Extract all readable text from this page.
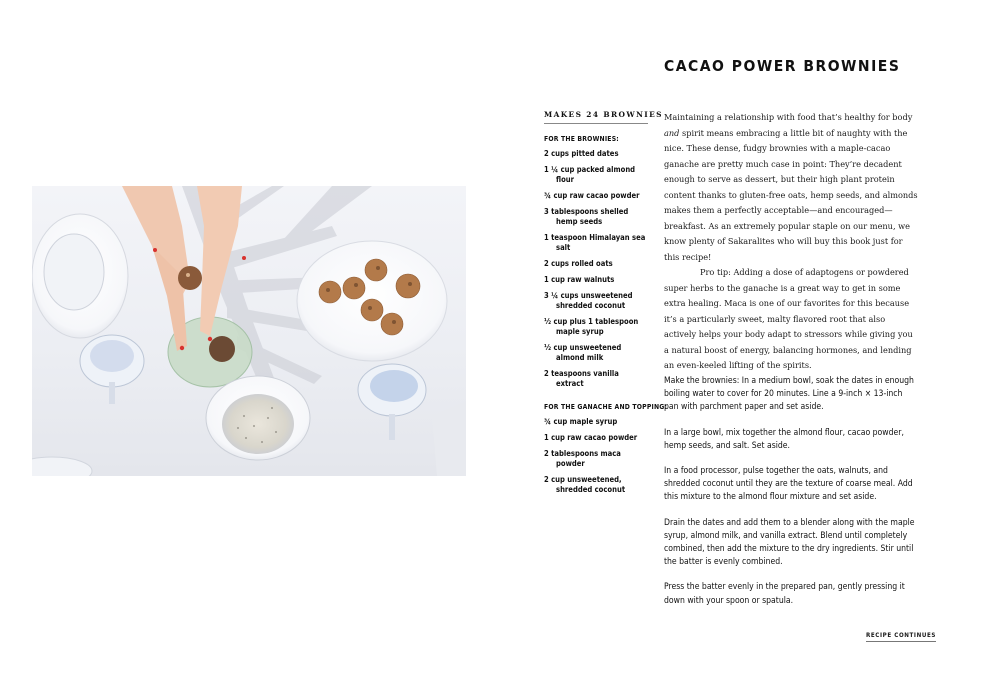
CACAO POWER BROWNIES
MAKES 24 BROWNIES
FOR THE BROWNIES:
2 cups pitted dates
1 ¼ cup packed almond flour
¾ cup raw cacao powder
3 tablespoons shelled hemp seeds
1 teaspoon Himalayan sea salt
2 cups rolled oats
1 cup raw walnuts
3 ¼ cups unsweetened shredded coconut
½ cup plus 1 tablespoon maple syrup
½ cup unsweetened almond milk
2 teaspoons vanilla extract
FOR THE GANACHE AND TOPPING:
¾ cup maple syrup
1 cup raw cacao powder
2 tablespoons maca powder
2 cup unsweetened, shredded coconut

Maintaining a relationship with food that’s healthy for body and spirit means embracing a little bit of naughty with the nice. These dense, fudgy brownies with a maple-cacao ganache are pretty much case in point: They’re decadent enough to serve as dessert, but their high plant protein content thanks to gluten-free oats, hemp seeds, and almonds makes them a perfectly acceptable—and encouraged—breakfast. As an extremely popular staple on our menu, we know plenty of Sakaralites who will buy this book just for this recipe!

Pro tip: Adding a dose of adaptogens or powdered super herbs to the ganache is a great way to get in some extra healing. Maca is one of our favorites for this because it’s a particularly sweet, malty flavored root that also actively helps your body adapt to stressors while giving you a natural boost of energy, balancing hormones, and lending an even-keeled lifting of the spirits.

Make the brownies: In a medium bowl, soak the dates in enough boiling water to cover for 20 minutes. Line a 9-inch × 13-inch pan with parchment paper and set aside.

In a large bowl, mix together the almond flour, cacao powder, hemp seeds, and salt. Set aside.

In a food processor, pulse together the oats, walnuts, and shredded coconut until they are the texture of coarse meal. Add this mixture to the almond flour mixture and set aside.

Drain the dates and add them to a blender along with the maple syrup, almond milk, and vanilla extract. Blend until completely combined, then add the mixture to the dry ingredients. Stir until the batter is evenly combined.

Press the batter evenly in the prepared pan, gently pressing it down with your spoon or spatula.

RECIPE CONTINUES
